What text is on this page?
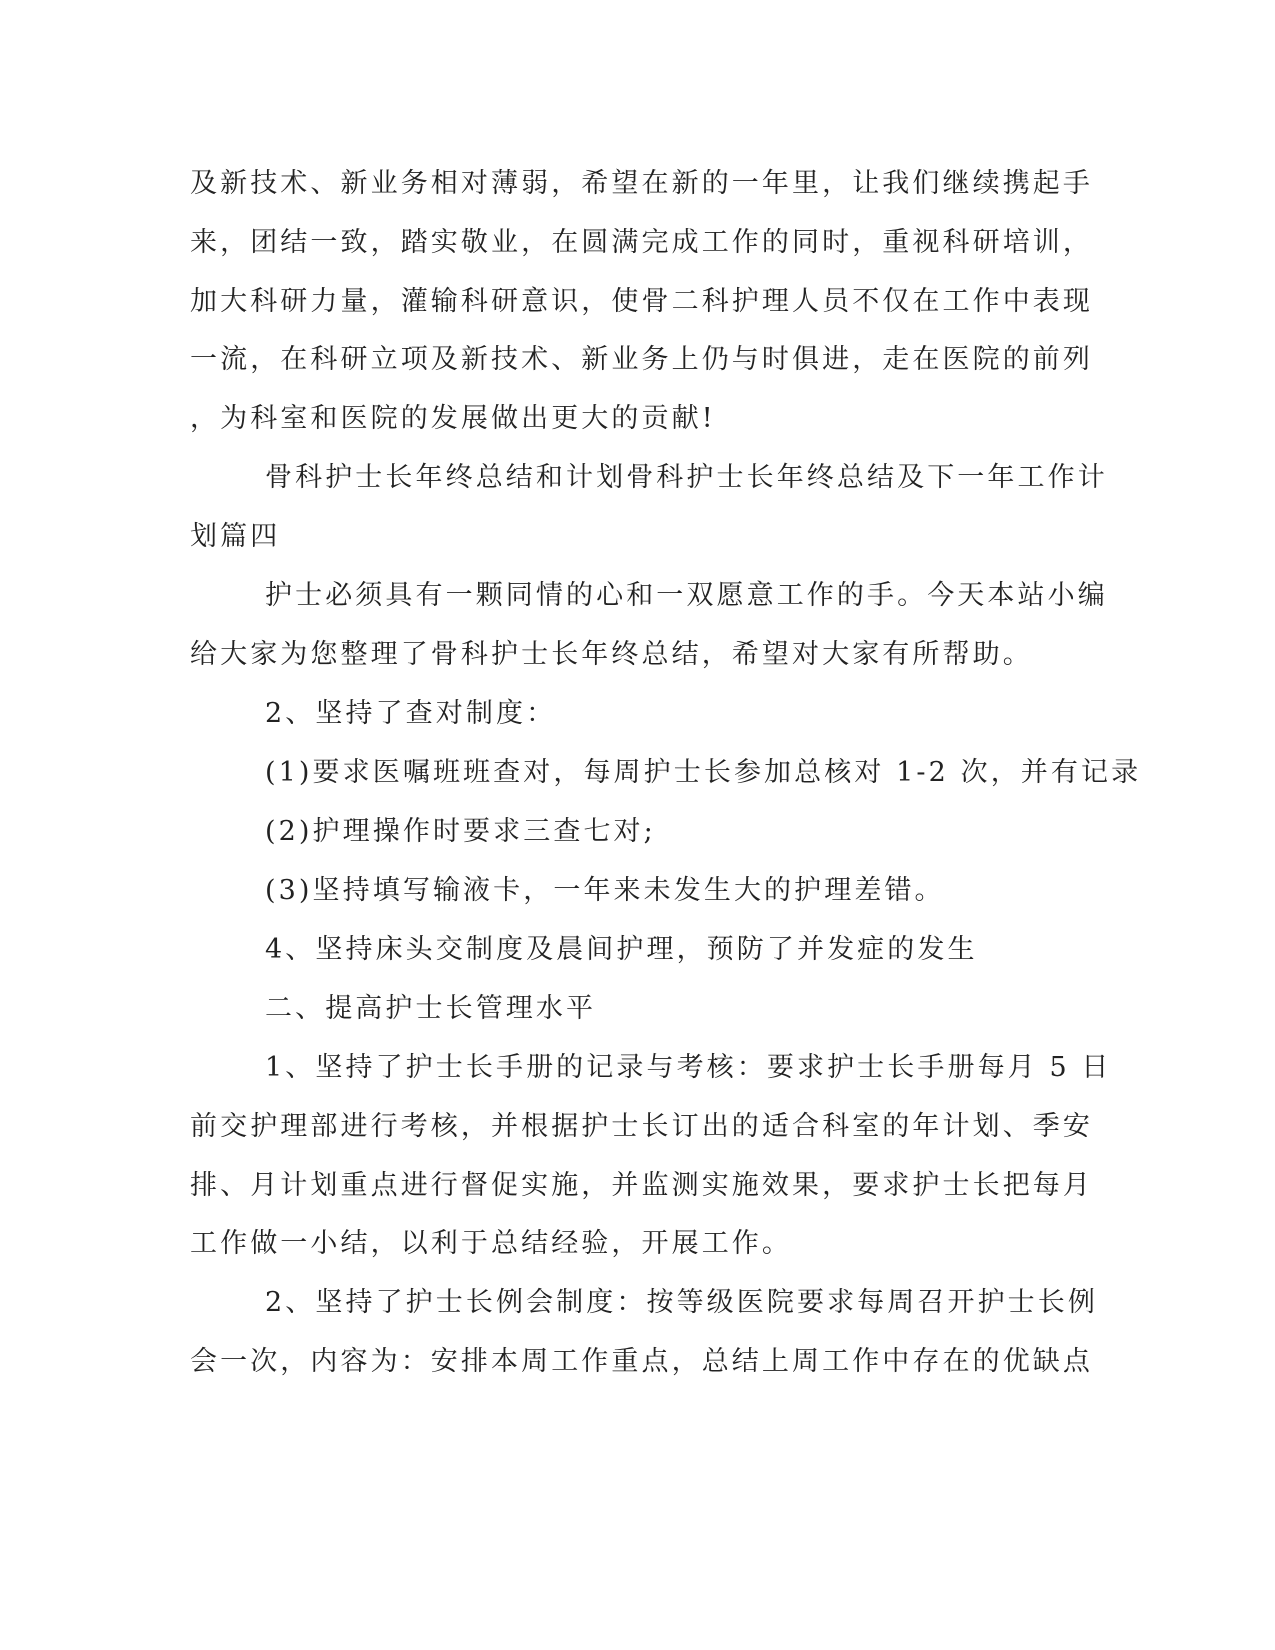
及新技术、新业务相对薄弱，希望在新的一年里，让我们继续携起手
来，团结一致，踏实敬业，在圆满完成工作的同时，重视科研培训，
加大科研力量，灌输科研意识，使骨二科护理人员不仅在工作中表现
一流，在科研立项及新技术、新业务上仍与时俱进，走在医院的前列
，为科室和医院的发展做出更大的贡献!
骨科护士长年终总结和计划骨科护士长年终总结及下一年工作计
划篇四
护士必须具有一颗同情的心和一双愿意工作的手。今天本站小编
给大家为您整理了骨科护士长年终总结，希望对大家有所帮助。
2、坚持了查对制度：
(1)要求医嘱班班查对，每周护士长参加总核对 1-2 次，并有记录
(2)护理操作时要求三查七对;
(3)坚持填写输液卡，一年来未发生大的护理差错。
4、坚持床头交制度及晨间护理，预防了并发症的发生
二、提高护士长管理水平
1、坚持了护士长手册的记录与考核：要求护士长手册每月 5 日
前交护理部进行考核，并根据护士长订出的适合科室的年计划、季安
排、月计划重点进行督促实施，并监测实施效果，要求护士长把每月
工作做一小结，以利于总结经验，开展工作。
2、坚持了护士长例会制度：按等级医院要求每周召开护士长例
会一次，内容为：安排本周工作重点，总结上周工作中存在的优缺点
